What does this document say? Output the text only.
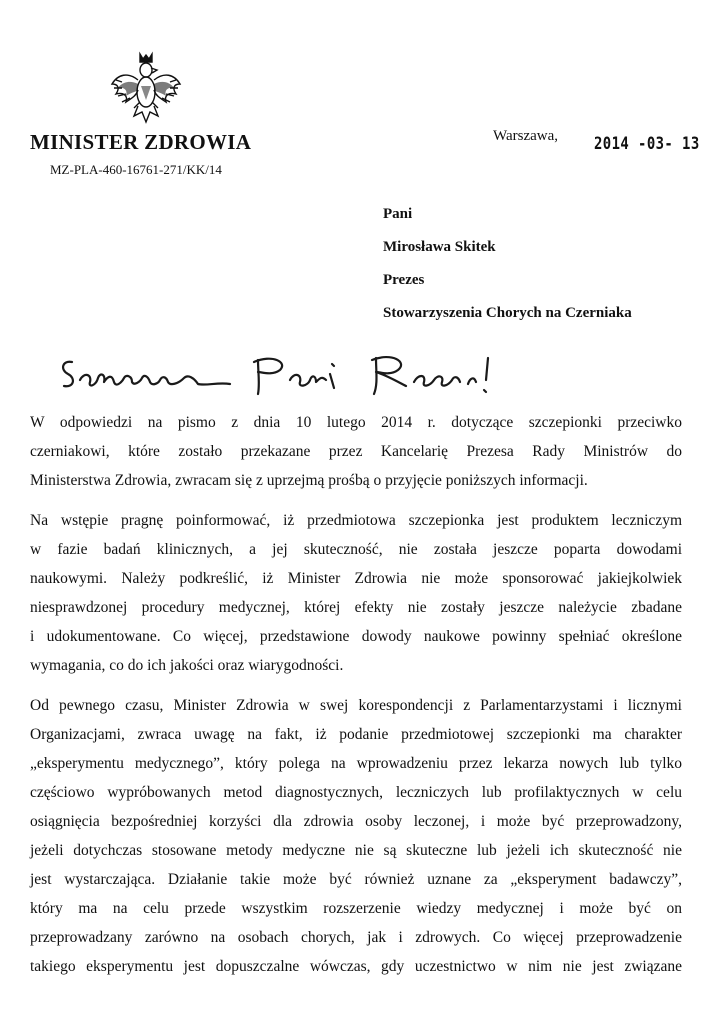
MINISTER ZDROWIA
MZ-PLA-460-16761-271/KK/14
Warszawa, 2014 -03- 13
Pani
Mirosława Skitek
Prezes
Stowarzyszenia Chorych na Czerniaka
W odpowiedzi na pismo z dnia 10 lutego 2014 r. dotyczące szczepionki przeciwko
czerniakowi, które zostało przekazane przez Kancelarię Prezesa Rady Ministrów do
Ministerstwa Zdrowia, zwracam się z uprzejmą prośbą o przyjęcie poniższych informacji.
Na wstępie pragnę poinformować, iż przedmiotowa szczepionka jest produktem leczniczym
w fazie badań klinicznych, a jej skuteczność, nie została jeszcze poparta dowodami
naukowymi. Należy podkreślić, iż Minister Zdrowia nie może sponsorować jakiejkolwiek
niesprawdzonej procedury medycznej, której efekty nie zostały jeszcze należycie zbadane
i udokumentowane. Co więcej, przedstawione dowody naukowe powinny spełniać określone
wymagania, co do ich jakości oraz wiarygodności.
Od pewnego czasu, Minister Zdrowia w swej korespondencji z Parlamentarzystami i licznymi
Organizacjami, zwraca uwagę na fakt, iż podanie przedmiotowej szczepionki ma charakter
„eksperymentu medycznego”, który polega na wprowadzeniu przez lekarza nowych lub tylko
częściowo wypróbowanych metod diagnostycznych, leczniczych lub profilaktycznych w celu
osiągnięcia bezpośredniej korzyści dla zdrowia osoby leczonej, i może być przeprowadzony,
jeżeli dotychczas stosowane metody medyczne nie są skuteczne lub jeżeli ich skuteczność nie
jest wystarczająca. Działanie takie może być również uznane za „eksperyment badawczy”,
który ma na celu przede wszystkim rozszerzenie wiedzy medycznej i może być on
przeprowadzany zarówno na osobach chorych, jak i zdrowych. Co więcej przeprowadzenie
takiego eksperymentu jest dopuszczalne wówczas, gdy uczestnictwo w nim nie jest związane
